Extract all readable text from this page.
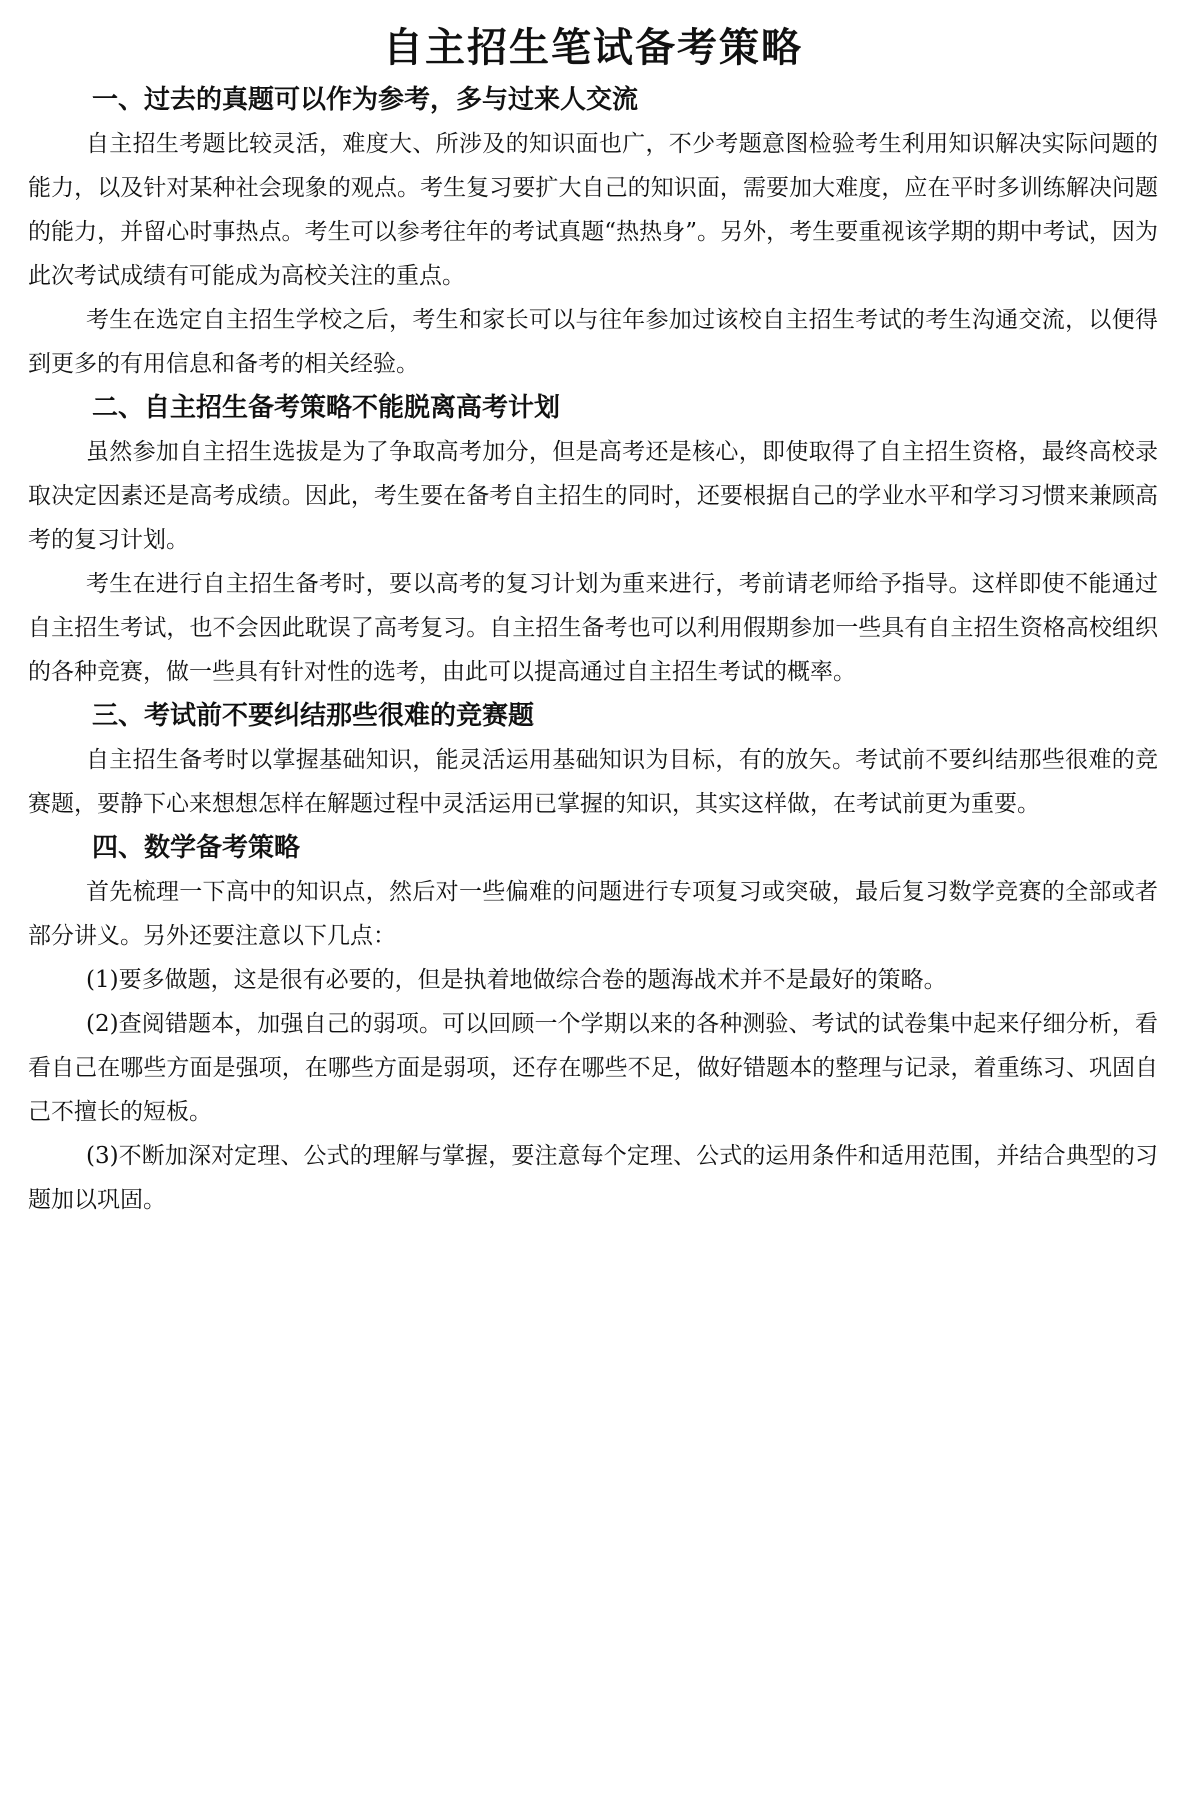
自主招生笔试备考策略
一、过去的真题可以作为参考，多与过来人交流

自主招生考题比较灵活，难度大、所涉及的知识面也广，不少考题意图检验考生利用知识解决实际问题的能力，以及针对某种社会现象的观点。考生复习要扩大自己的知识面，需要加大难度，应在平时多训练解决问题的能力，并留心时事热点。考生可以参考往年的考试真题“热热身”。另外，考生要重视该学期的期中考试，因为此次考试成绩有可能成为高校关注的重点。

考生在选定自主招生学校之后，考生和家长可以与往年参加过该校自主招生考试的考生沟通交流，以便得到更多的有用信息和备考的相关经验。

二、自主招生备考策略不能脱离高考计划

虽然参加自主招生选拔是为了争取高考加分，但是高考还是核心，即使取得了自主招生资格，最终高校录取决定因素还是高考成绩。因此，考生要在备考自主招生的同时，还要根据自己的学业水平和学习习惯来兼顾高考的复习计划。

考生在进行自主招生备考时，要以高考的复习计划为重来进行，考前请老师给予指导。这样即使不能通过自主招生考试，也不会因此耽误了高考复习。自主招生备考也可以利用假期参加一些具有自主招生资格高校组织的各种竞赛，做一些具有针对性的选考，由此可以提高通过自主招生考试的概率。

三、考试前不要纠结那些很难的竞赛题

自主招生备考时以掌握基础知识，能灵活运用基础知识为目标，有的放矢。考试前不要纠结那些很难的竞赛题，要静下心来想想怎样在解题过程中灵活运用已掌握的知识，其实这样做，在考试前更为重要。

四、数学备考策略

首先梳理一下高中的知识点，然后对一些偏难的问题进行专项复习或突破，最后复习数学竞赛的全部或者部分讲义。另外还要注意以下几点：

(1)要多做题，这是很有必要的，但是执着地做综合卷的题海战术并不是最好的策略。

(2)查阅错题本，加强自己的弱项。可以回顾一个学期以来的各种测验、考试的试卷集中起来仔细分析，看看自己在哪些方面是强项，在哪些方面是弱项，还存在哪些不足，做好错题本的整理与记录，着重练习、巩固自己不擅长的短板。

(3)不断加深对定理、公式的理解与掌握，要注意每个定理、公式的运用条件和适用范围，并结合典型的习题加以巩固。
